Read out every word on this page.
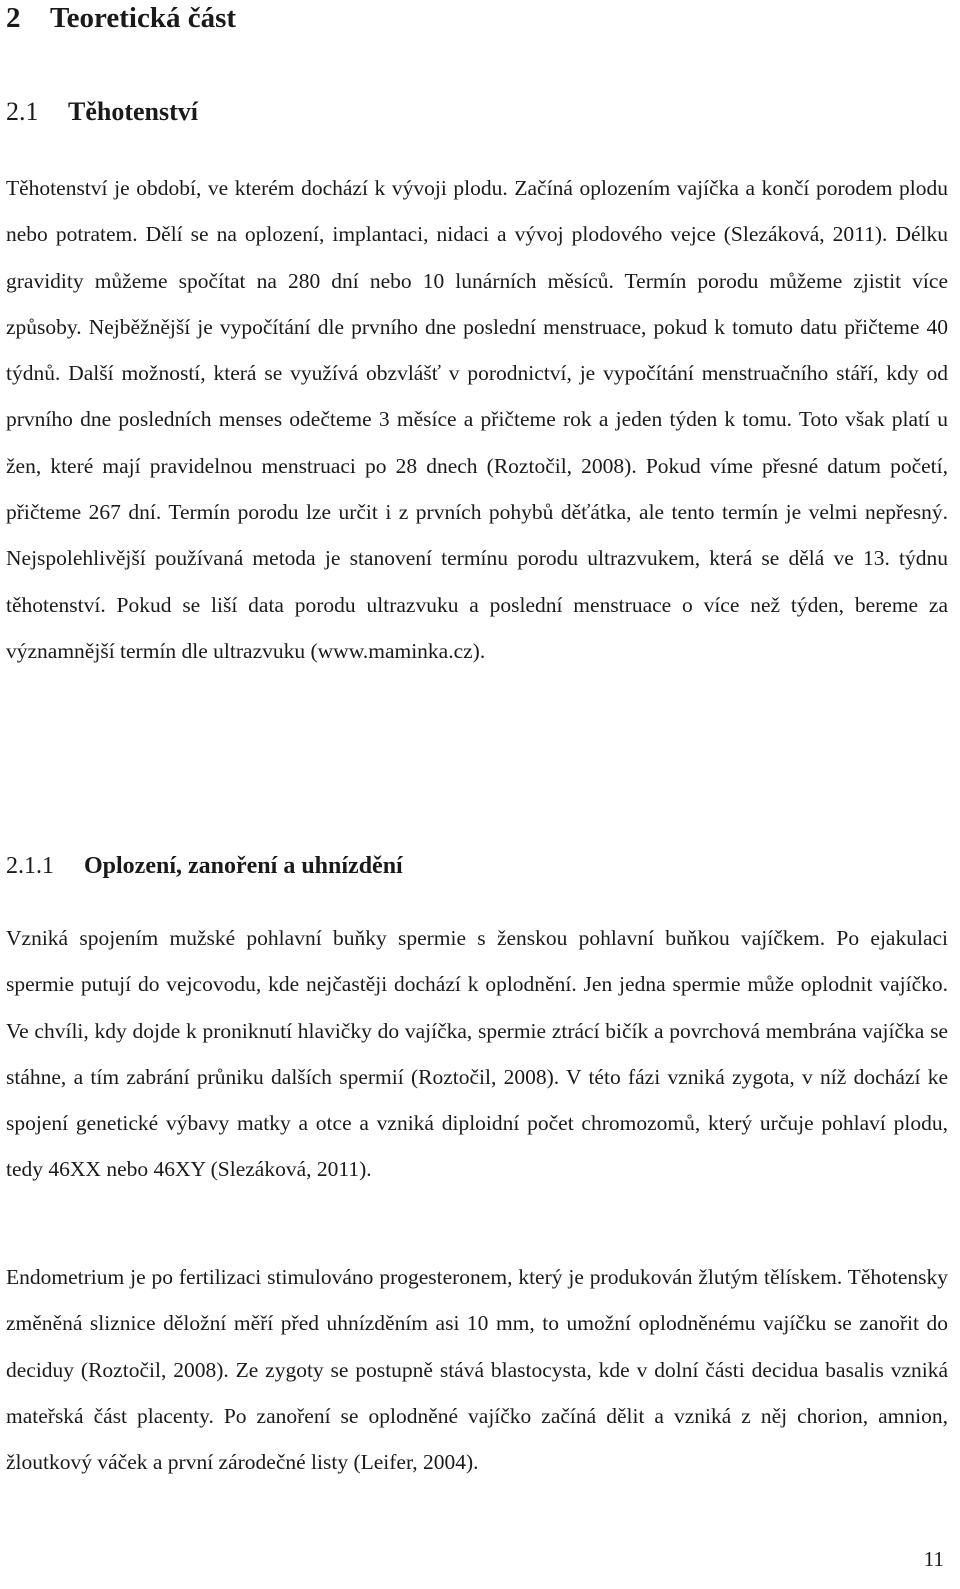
2 Teoretická část
2.1 Těhotenství

Těhotenství je období, ve kterém dochází k vývoji plodu. Začíná oplozením vajíčka a končí porodem plodu nebo potratem. Dělí se na oplození, implantaci, nidaci a vývoj plodového vejce (Slezáková, 2011). Délku gravidity můžeme spočítat na 280 dní nebo 10 lunárních měsíců. Termín porodu můžeme zjistit více způsoby. Nejběžnější je vypočítání dle prvního dne poslední menstruace, pokud k tomuto datu přičteme 40 týdnů. Další možností, která se využívá obzvlášť v porodnictví, je vypočítání menstruačního stáří, kdy od prvního dne posledních menses odečteme 3 měsíce a přičteme rok a jeden týden k tomu. Toto však platí u žen, které mají pravidelnou menstruaci po 28 dnech (Roztočil, 2008). Pokud víme přesné datum početí, přičteme 267 dní. Termín porodu lze určit i z prvních pohybů děťátka, ale tento termín je velmi nepřesný. Nejspolehlivější používaná metoda je stanovení termínu porodu ultrazvukem, která se dělá ve 13. týdnu těhotenství. Pokud se liší data porodu ultrazvuku a poslední menstruace o více než týden, bereme za významnější termín dle ultrazvuku (www.maminka.cz).

2.1.1 Oplození, zanoření a uhnízdění

Vzniká spojením mužské pohlavní buňky spermie s ženskou pohlavní buňkou vajíčkem. Po ejakulaci spermie putují do vejcovodu, kde nejčastěji dochází k oplodnění. Jen jedna spermie může oplodnit vajíčko. Ve chvíli, kdy dojde k proniknutí hlavičky do vajíčka, spermie ztrácí bičík a povrchová membrána vajíčka se stáhne, a tím zabrání průniku dalších spermií (Roztočil, 2008). V této fázi vzniká zygota, v níž dochází ke spojení genetické výbavy matky a otce a vzniká diploidní počet chromozomů, který určuje pohlaví plodu, tedy 46XX nebo 46XY (Slezáková, 2011).

Endometrium je po fertilizaci stimulováno progesteronem, který je produkován žlutým tělískem. Těhotensky změněná sliznice děložní měří před uhnízděním asi 10 mm, to umožní oplodněnému vajíčku se zanořit do deciduy (Roztočil, 2008). Ze zygoty se postupně stává blastocysta, kde v dolní části decidua basalis vzniká mateřská část placenty. Po zanoření se oplodněné vajíčko začíná dělit a vzniká z něj chorion, amnion, žloutkový váček a první zárodečné listy (Leifer, 2004).

11
